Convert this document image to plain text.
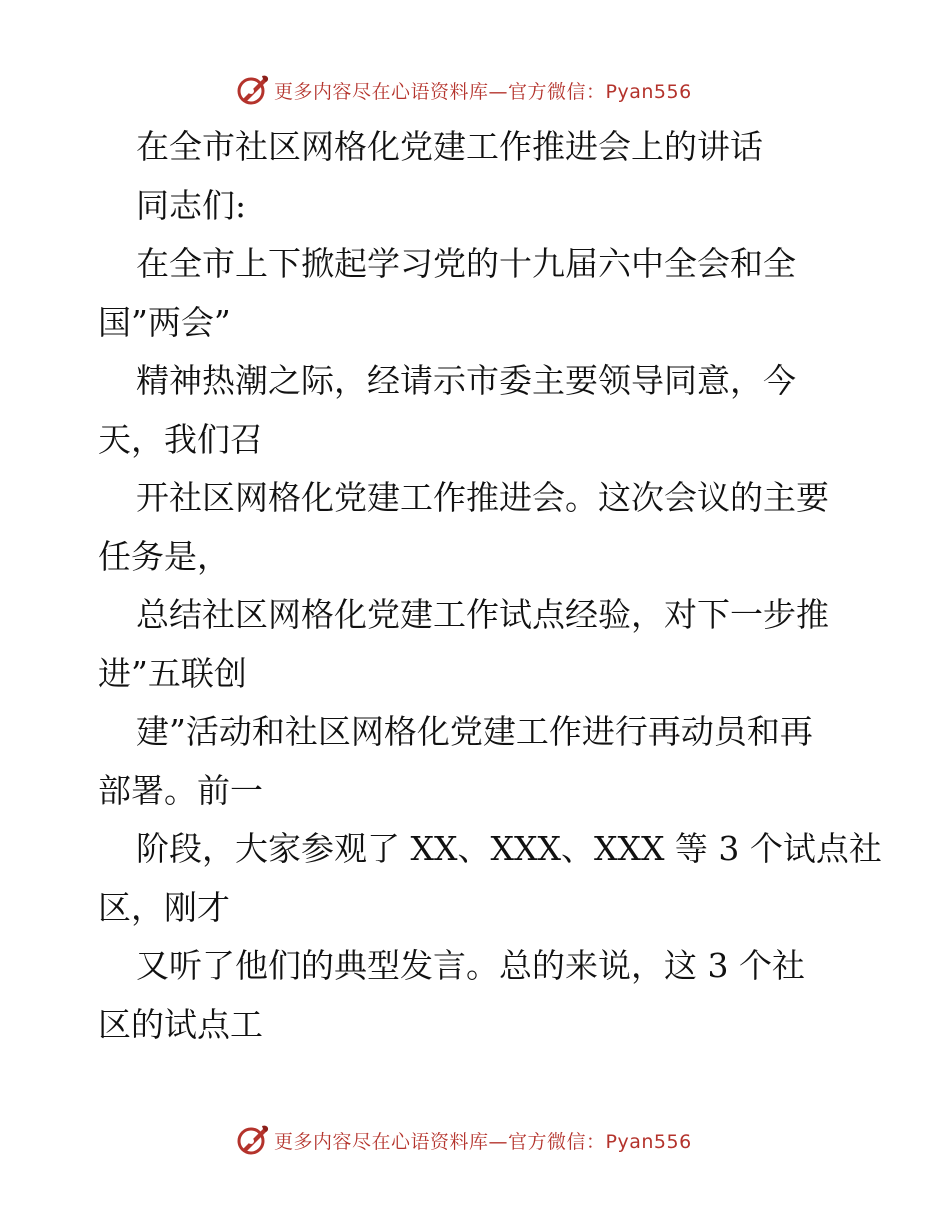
更多内容尽在心语资料库—官方微信：Pyan556

在全市社区网格化党建工作推进会上的讲话

同志们:

在全市上下掀起学习党的十九届六中全会和全

国”两会”

精神热潮之际，经请示市委主要领导同意，今

天，我们召

开社区网格化党建工作推进会。这次会议的主要

任务是，

总结社区网格化党建工作试点经验，对下一步推

进”五联创

建”活动和社区网格化党建工作进行再动员和再

部署。前一

阶段，大家参观了 XX、XXX、XXX 等 3 个试点社

区，刚才

又听了他们的典型发言。总的来说，这 3 个社

区的试点工

更多内容尽在心语资料库—官方微信：Pyan556
